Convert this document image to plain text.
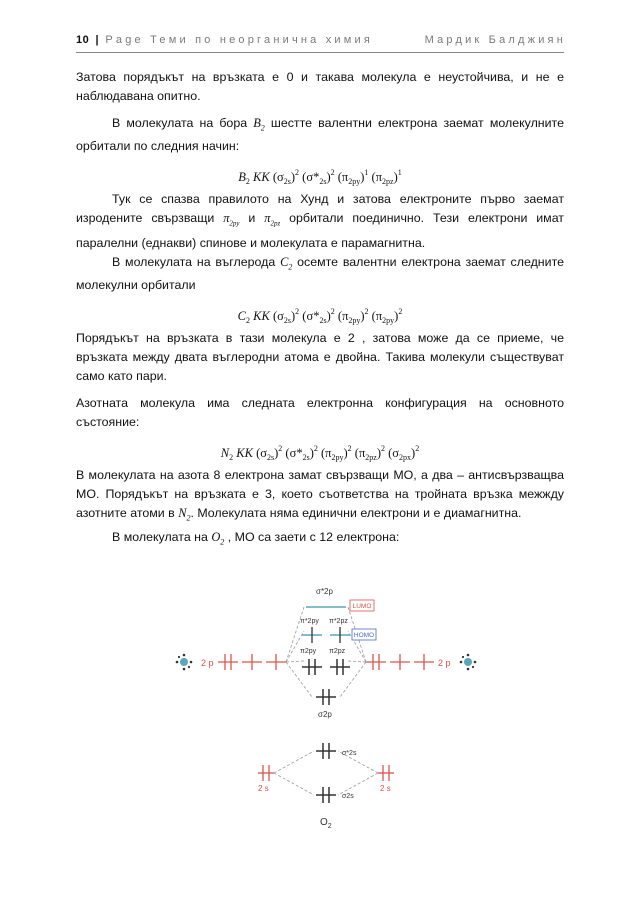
10 | Page Теми по неорганична химия	Мардик Балджиян

Затова порядъкът на връзката е 0 и такава молекула е неустойчива, и не е наблюдавана опитно.

В молекулата на бора $B_2$ шестте валентни електрона заемат молекулните орбитали по следния начин:

$B_2$ KK $(\sigma_{2s})^2$ $(\sigma*_{2s})^2$ $(\pi_{2py})^1$ $(\pi_{2pz})^1$

Тук се спазва правилото на Хунд и затова електроните първо заемат изродените свързващи $\pi_{2py}$ и $\pi_{2pz}$ орбитали поединично. Тези електрони имат паралелни (еднакви) спинове и молекулата е парамагнитна.

В молекулата на въглерода $C_2$ осемте валентни електрона заемат следните молекулни орбитали

$C_2$ KK $(\sigma_{2s})^2$ $(\sigma*_{2s})^2$ $(\pi_{2py})^2$ $(\pi_{2py})^2$

Порядъкът на връзката в тази молекула е 2 , затова може да се приеме, че връзката между двата въглеродни атома е двойна. Такива молекули съществуват само като пари.

Азотната молекула има следната електронна конфигурация на основното състояние:

$N_2$ KK $(\sigma_{2s})^2$ $(\sigma*_{2s})^2$ $(\pi_{2py})^2$ $(\pi_{2pz})^2$ $(\sigma_{2px})^2$

В молекулата на азота 8 електрона замат свързващи МО, а два – антисвързващва МО. Порядъкът на връзката е 3, което съответства на тройната връзка межжду азотните атоми в $N_2$. Молекулата няма единични електрони и е диамагнитна.

В молекулата на $O_2$ , МО са заети с 12 електрона:

2 p	2 p
σ*2p
LUMO
π*2py π*2pz
HOMO
π2py π2pz
σ2p
2 s	2 s
σ*2s
σ2s
$O_2$
